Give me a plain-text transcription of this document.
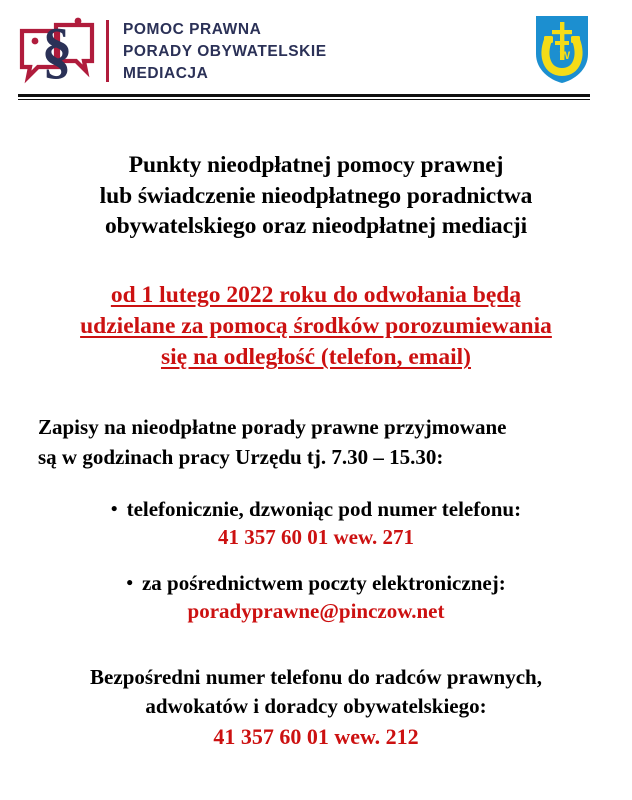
§	POMOC PRAWNA
PORADY OBYWATELSKIE
MEDIACJA
W
Punkty nieodpłatnej pomocy prawnej
lub świadczenie nieodpłatnego poradnictwa
obywatelskiego oraz nieodpłatnej mediacji
od 1 lutego 2022 roku do odwołania będą
udzielane za pomocą środków porozumiewania
się na odległość (telefon, email)
Zapisy na nieodpłatne porady prawne przyjmowane
są w godzinach pracy Urzędu tj. 7.30 – 15.30:
• telefonicznie, dzwoniąc pod numer telefonu:
41 357 60 01 wew. 271
• za pośrednictwem poczty elektronicznej:
poradyprawne@pinczow.net
Bezpośredni numer telefonu do radców prawnych,
adwokatów i doradcy obywatelskiego:
41 357 60 01 wew. 212
